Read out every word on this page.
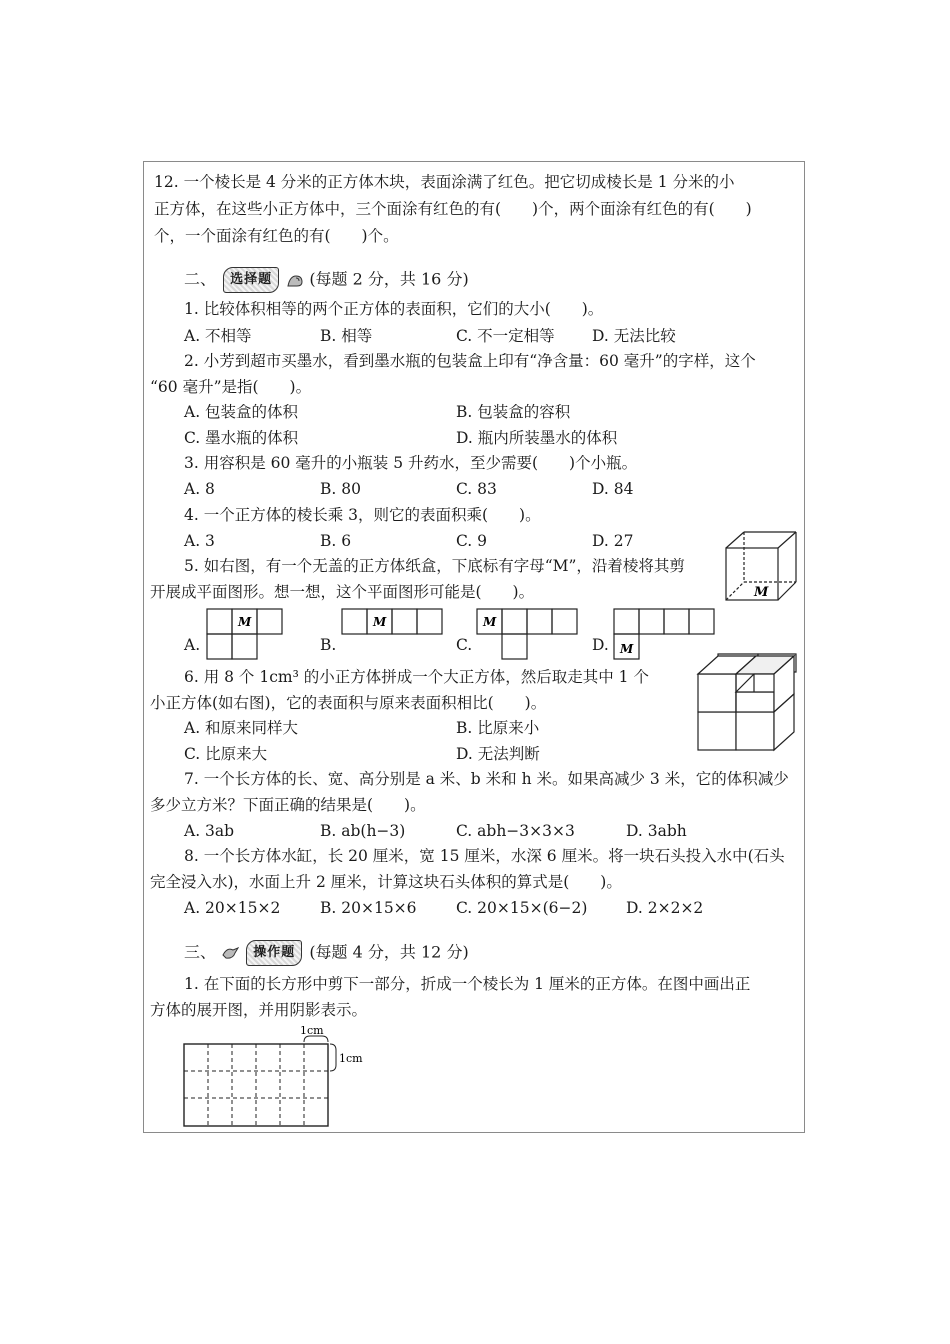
12. 一个棱长是 4 分米的正方体木块，表面涂满了红色。把它切成棱长是 1 分米的小
正方体，在这些小正方体中，三个面涂有红色的有(　　)个，两个面涂有红色的有(　　)
个，一个面涂有红色的有(　　)个。
二、 选择题 (每题 2 分，共 16 分)
1. 比较体积相等的两个正方体的表面积，它们的大小(　　)。
A. 不相等	B. 相等	C. 不一定相等 D. 无法比较
2. 小芳到超市买墨水，看到墨水瓶的包装盒上印有“净含量：60 毫升”的字样，这个
“60 毫升”是指(　　)。
A. 包装盒的体积	B. 包装盒的容积
C. 墨水瓶的体积	D. 瓶内所装墨水的体积
3. 用容积是 60 毫升的小瓶装 5 升药水，至少需要(　　)个小瓶。
A. 8	B. 80	C. 83	D. 84
4. 一个正方体的棱长乘 3，则它的表面积乘(　　)。
A. 3	B. 6	C. 9	D. 27
5. 如右图，有一个无盖的正方体纸盒，下底标有字母“M”，沿着棱将其剪
开展成平面图形。想一想，这个平面图形可能是(　　)。	M
A.
M
B.
M
C.
M
D. M
6. 用 8 个 1cm³ 的小正方体拼成一个大正方体，然后取走其中 1 个
小正方体(如右图)，它的表面积与原来表面积相比(　　)。
A. 和原来同样大	B. 比原来小
C. 比原来大	D. 无法判断
7. 一个长方体的长、宽、高分别是 a 米、b 米和 h 米。如果高减少 3 米，它的体积减少
多少立方米？下面正确的结果是(　　)。
A. 3ab	B. ab(h−3)	C. abh−3×3×3	D. 3abh
8. 一个长方体水缸，长 20 厘米，宽 15 厘米，水深 6 厘米。将一块石头投入水中(石头
完全浸入水)，水面上升 2 厘米，计算这块石头体积的算式是(　　)。
A. 20×15×2	B. 20×15×6	C. 20×15×(6−2) D. 2×2×2
三、	操作题 (每题 4 分，共 12 分)
1. 在下面的长方形中剪下一部分，折成一个棱长为 1 厘米的正方体。在图中画出正
方体的展开图，并用阴影表示。
1cm
1cm
